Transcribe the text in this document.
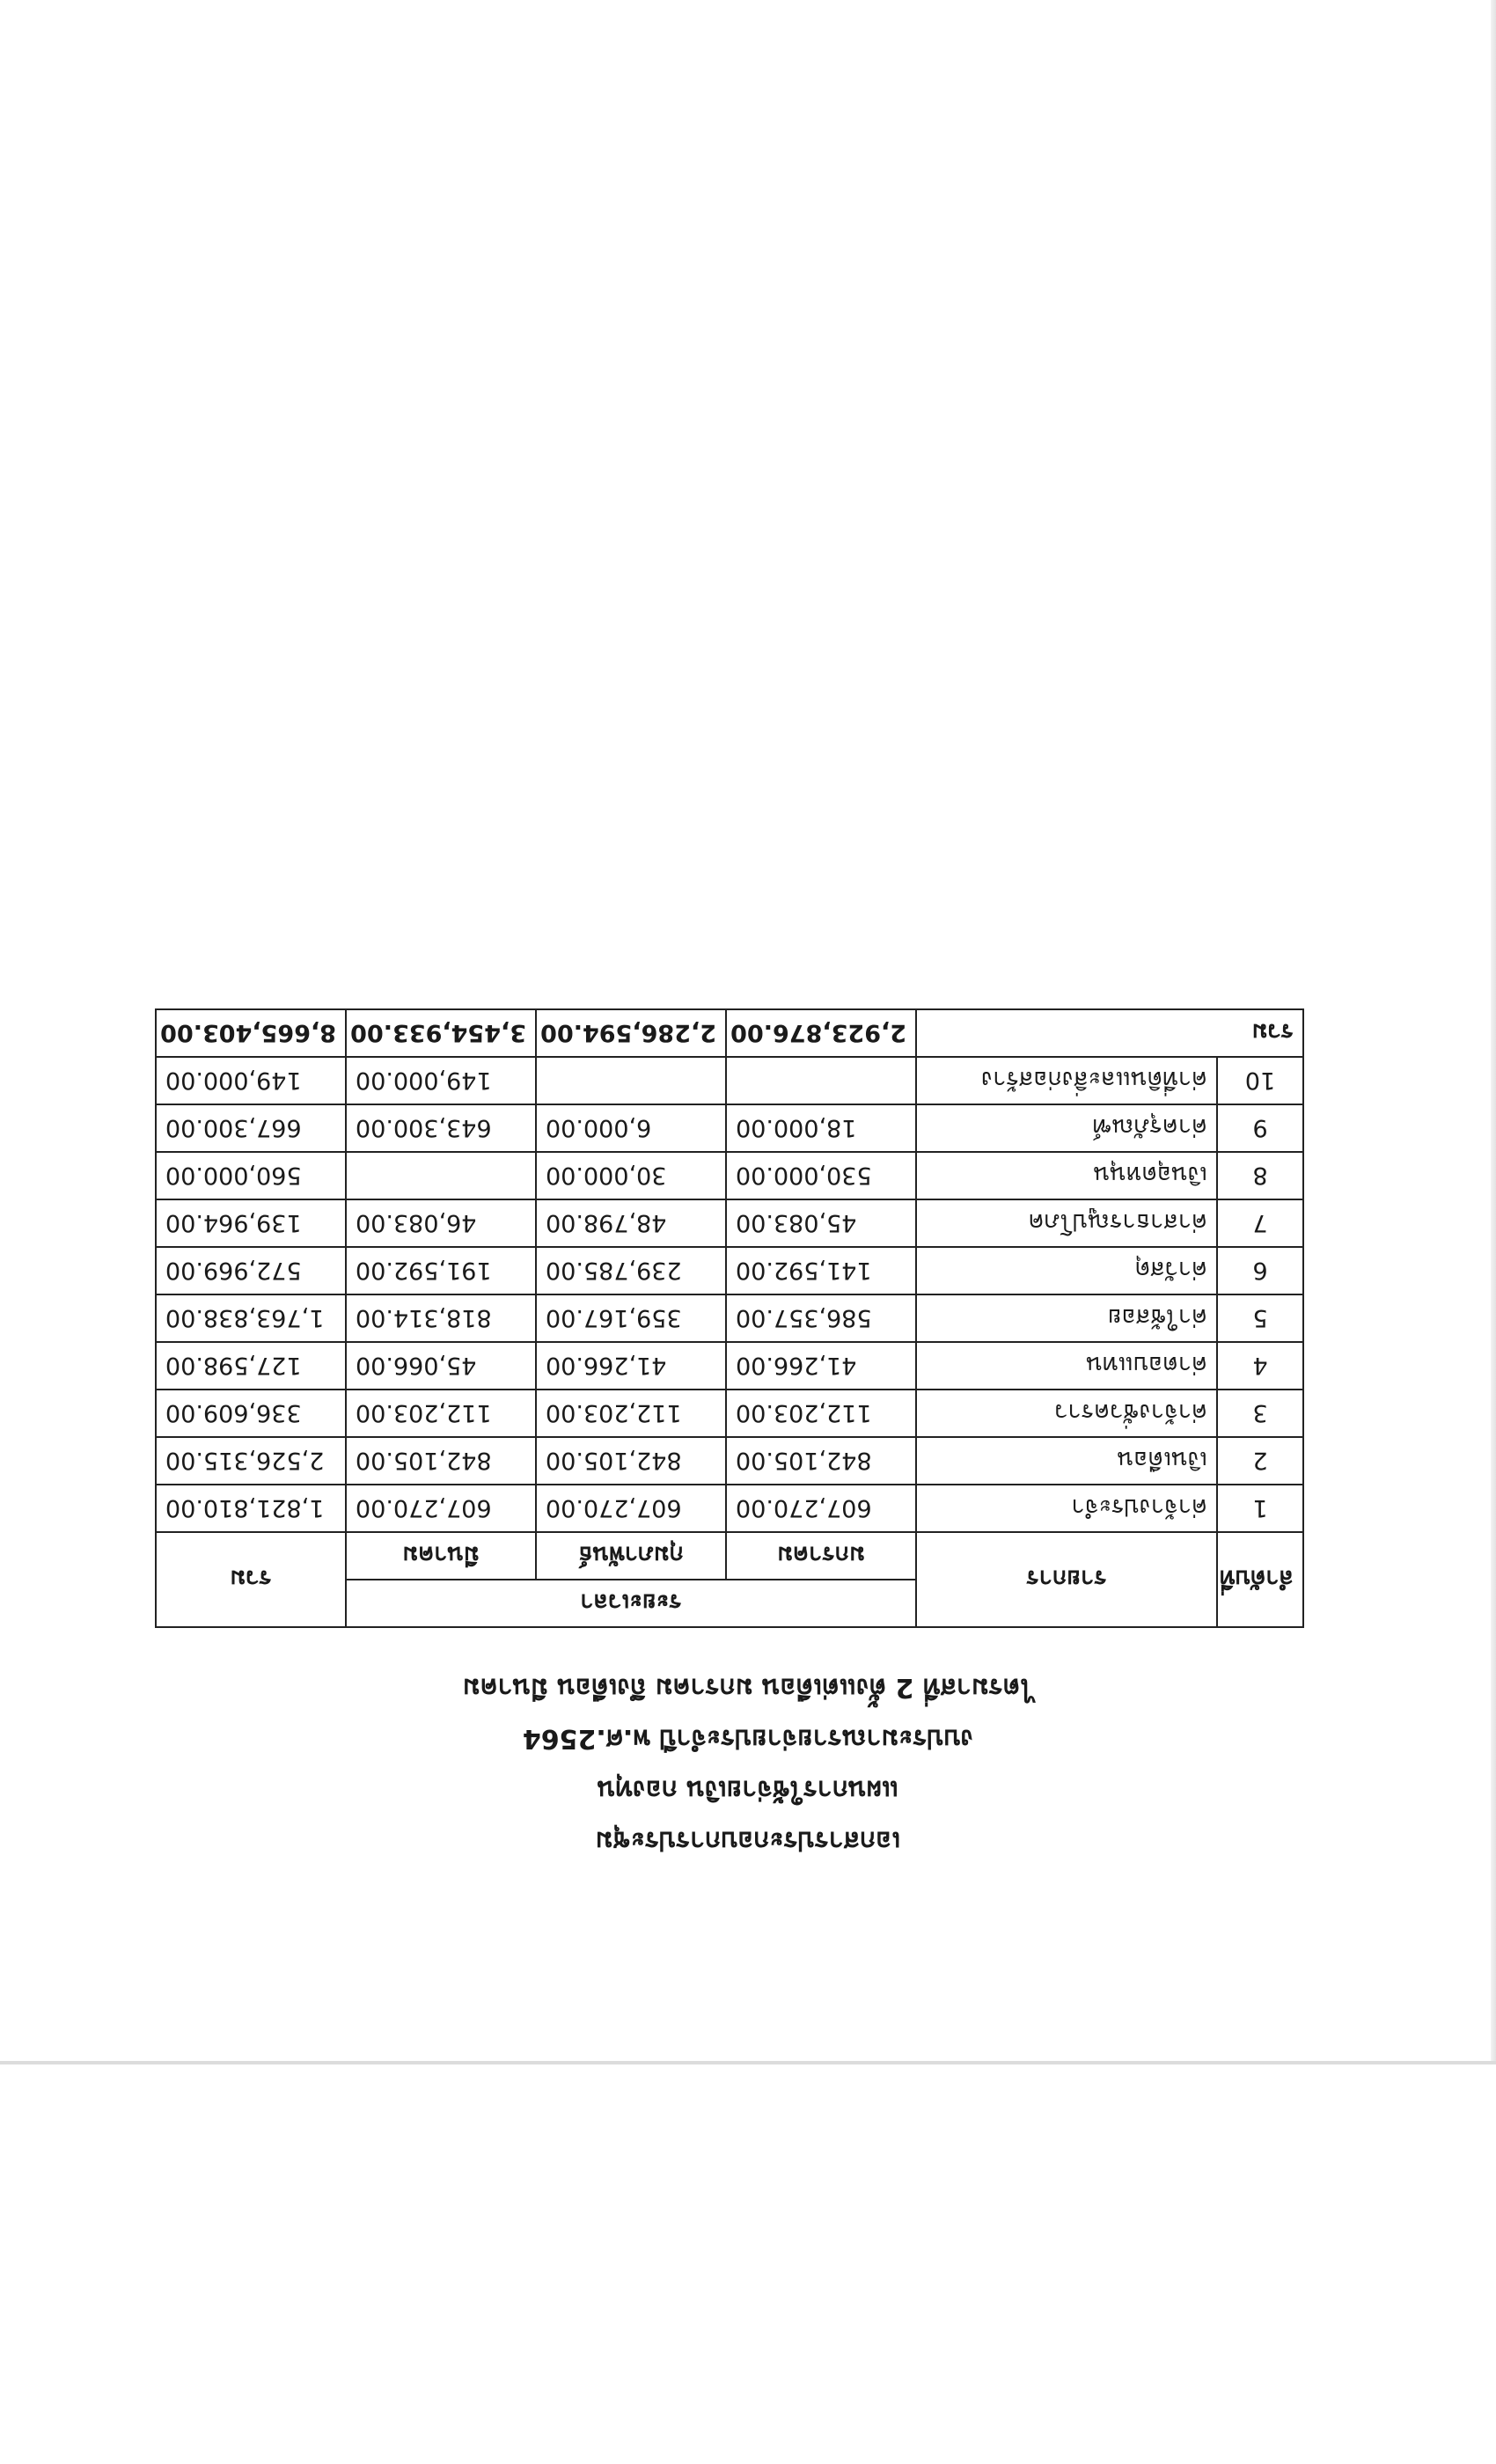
เอกสารประกอบการประชุม
แผนการใช้จ่ายเงิน กองทุน
งบประมาณรายจ่ายประจำปี พ.ศ.2564
ไตรมาสที่ 2 ตั้งแต่เดือน มกราคม ถึงเดือน มีนาคม
ลำดับที่	รายการ	ระยะเวลา			รวม
		มกราคม	กุมภาพันธ์	มีนาคม	
1	ค่าจ้างประจำ	607,270.00	607,270.00	607,270.00	1,821,810.00
2	เงินเดือน	842,105.00	842,105.00	842,105.00	2,526,315.00
3	ค่าจ้างชั่วคราว	112,203.00	112,203.00	112,203.00	336,609.00
4	ค่าตอบแทน	41,266.00	41,266.00	45,066.00	127,598.00
5	ค่าใช้สอย	586,357.00	359,167.00	818,314.00	1,763,838.00
6	ค่าวัสดุ	141,592.00	239,785.00	191,592.00	572,969.00
7	ค่าสาธารณูปโภค	45,083.00	48,798.00	46,083.00	139,964.00
8	เงินอุดหนุน	530,000.00	30,000.00		560,000.00
9	ค่าครุภัณฑ์	18,000.00	6,000.00	643,300.00	667,300.00
10	ค่าที่ดินและสิ่งก่อสร้าง			149,000.00	149,000.00
รวม		2,923,876.00	2,286,594.00	3,454,933.00	8,665,403.00
